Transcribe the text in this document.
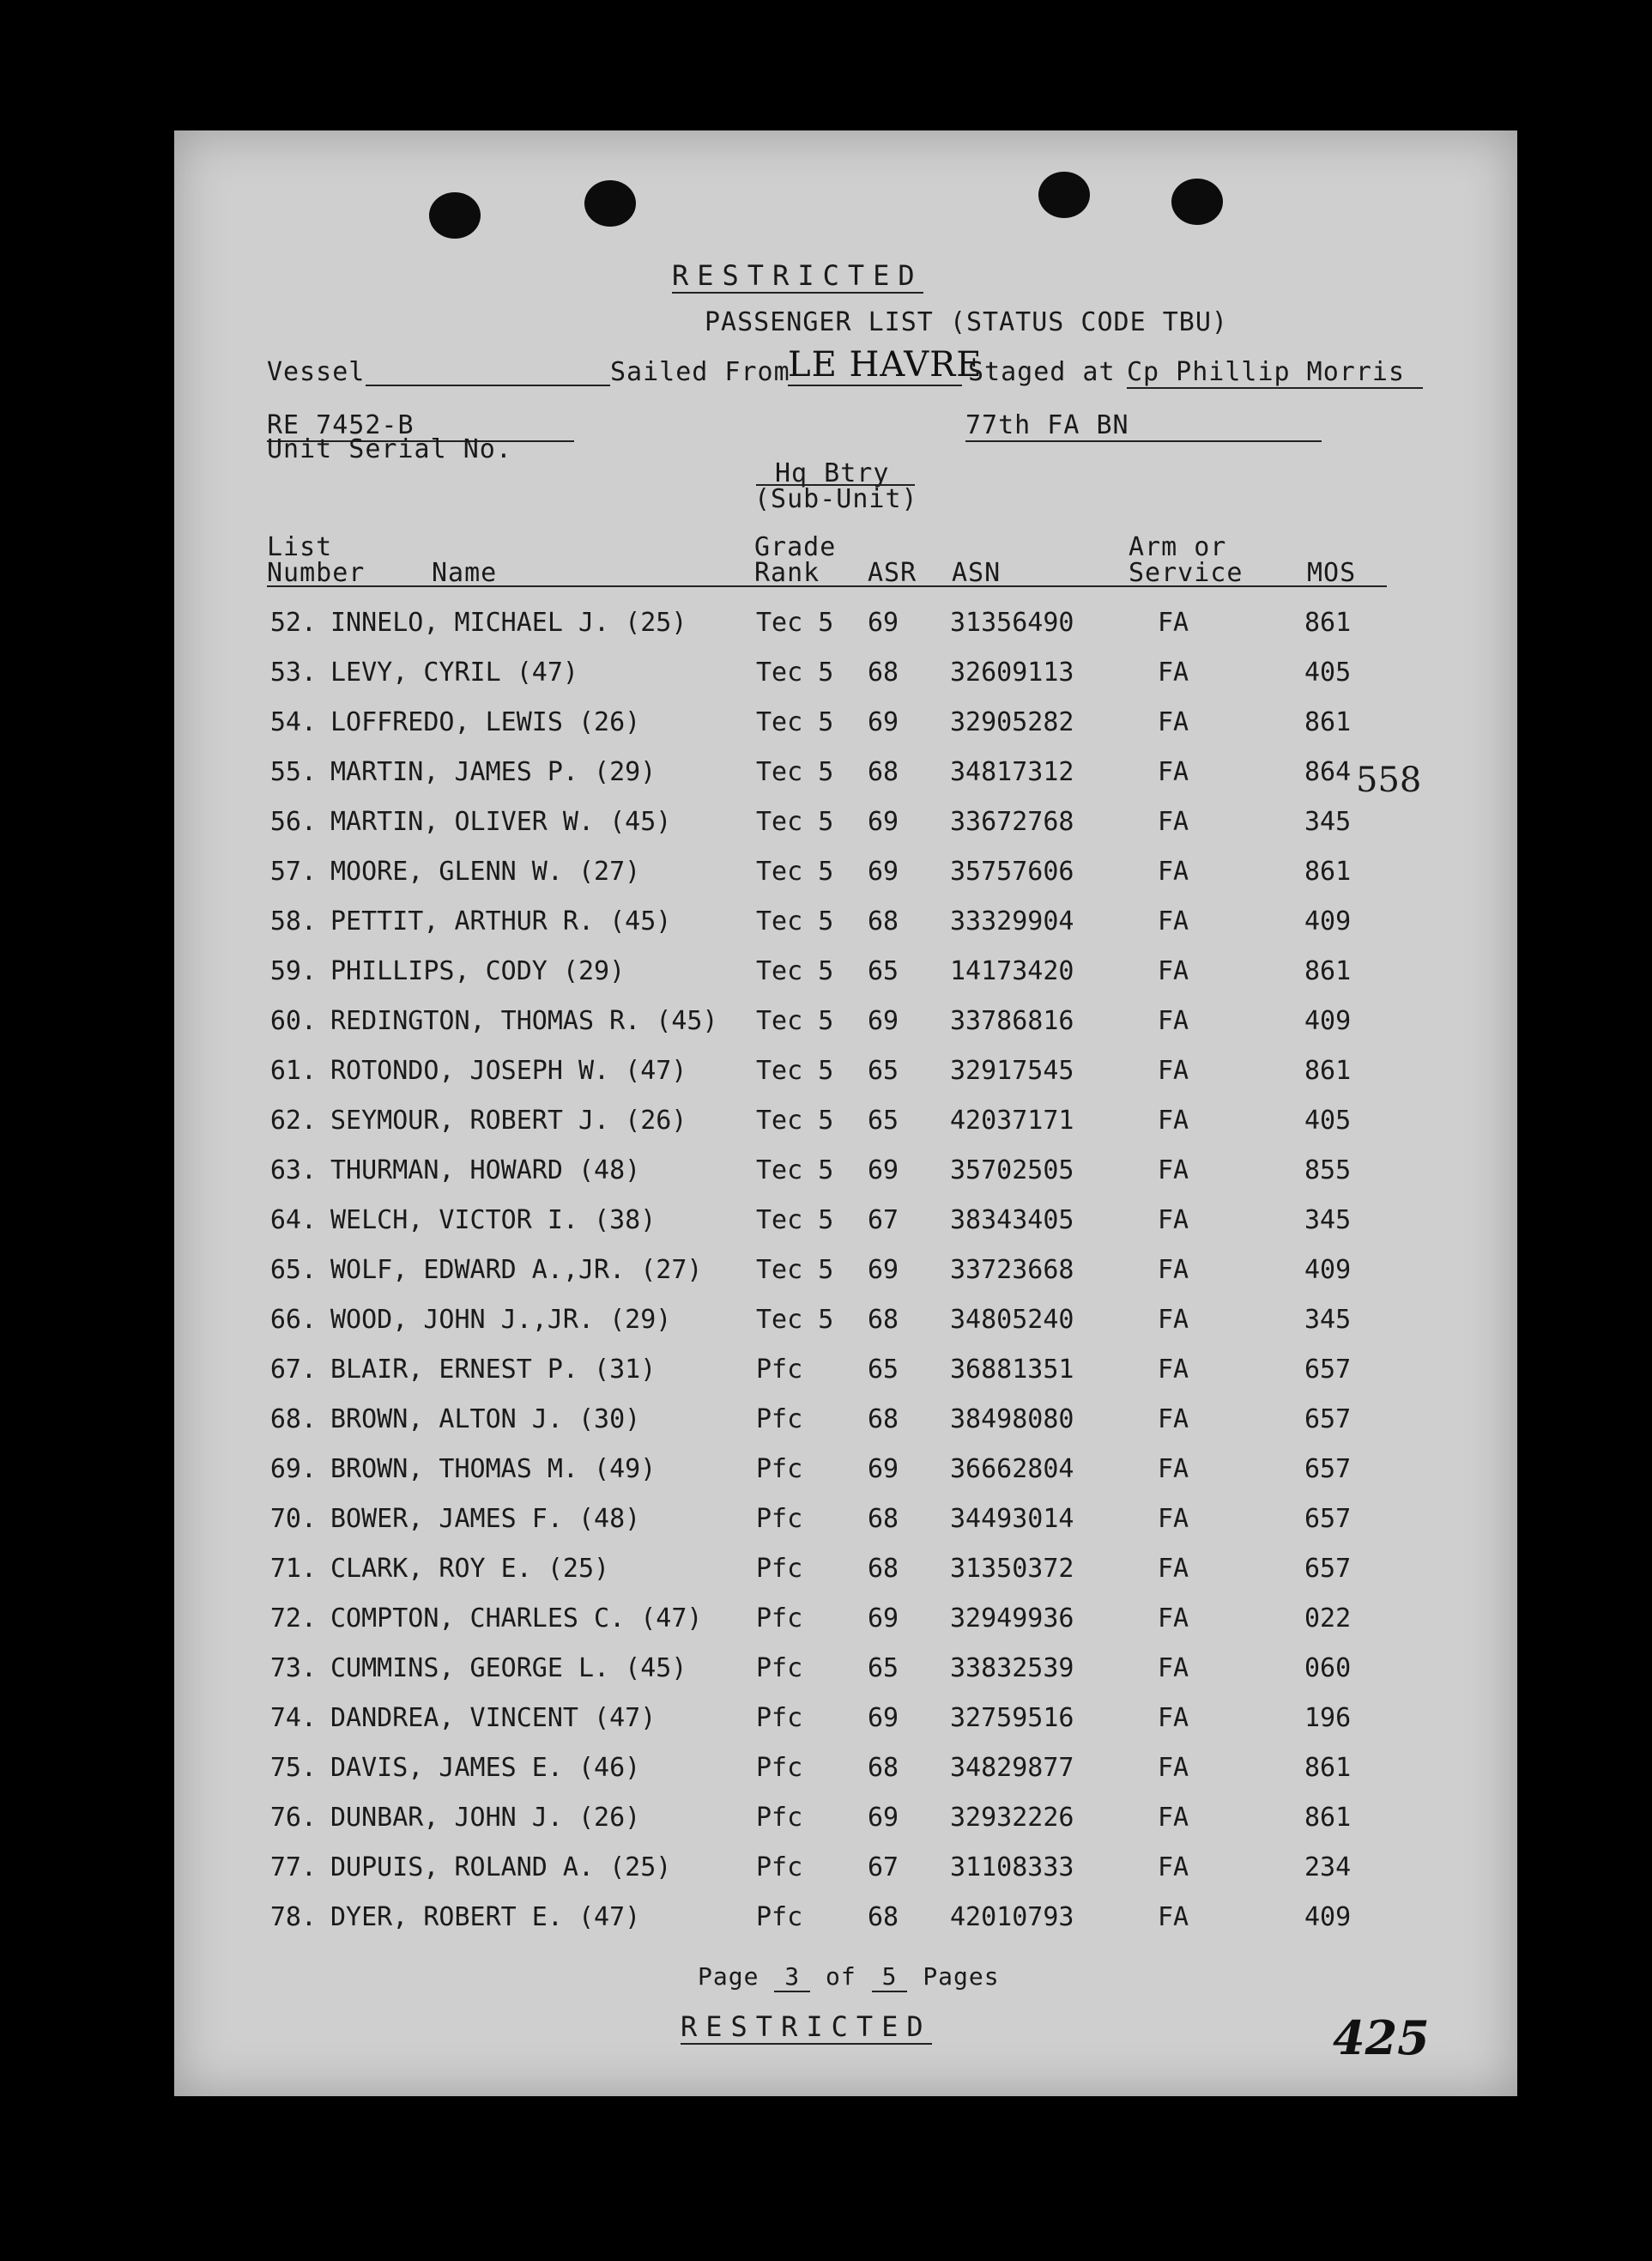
RESTRICTED
PASSENGER LIST (STATUS CODE TBU)
Vessel	Sailed From
LE HAVRE
Staged at Cp Phillip Morris
RE 7452-B
Unit Serial No.
77th FA BN
Hq Btry
(Sub-Unit)
List
Number	Name
Grade
Rank ASR ASN
Arm or
Service MOS
52. INNELO, MICHAEL J. (25)	Tec 5 69 31356490	FA	861
53. LEVY, CYRIL (47)	Tec 5 68 32609113	FA	405
54. LOFFREDO, LEWIS (26)	Tec 5 69 32905282	FA	861
55. MARTIN, JAMES P. (29)	Tec 5 68 34817312	FA	864 558
56. MARTIN, OLIVER W. (45)	Tec 5 69 33672768	FA	345
57. MOORE, GLENN W. (27)	Tec 5 69 35757606	FA	861
58. PETTIT, ARTHUR R. (45)	Tec 5 68 33329904	FA	409
59. PHILLIPS, CODY (29)	Tec 5 65 14173420	FA	861
60. REDINGTON, THOMAS R. (45) Tec 5 69 33786816	FA	409
61. ROTONDO, JOSEPH W. (47)	Tec 5 65 32917545	FA	861
62. SEYMOUR, ROBERT J. (26)	Tec 5 65 42037171	FA	405
63. THURMAN, HOWARD (48)	Tec 5 69 35702505	FA	855
64. WELCH, VICTOR I. (38)	Tec 5 67 38343405	FA	345
65. WOLF, EDWARD A.,JR. (27) Tec 5 69 33723668	FA	409
66. WOOD, JOHN J.,JR. (29)	Tec 5 68 34805240	FA	345
67. BLAIR, ERNEST P. (31)	Pfc	65 36881351	FA	657
68. BROWN, ALTON J. (30)	Pfc	68 38498080	FA	657
69. BROWN, THOMAS M. (49)	Pfc	69 36662804	FA	657
70. BOWER, JAMES F. (48)	Pfc	68 34493014	FA	657
71. CLARK, ROY E. (25)	Pfc	68 31350372	FA	657
72. COMPTON, CHARLES C. (47) Pfc	69 32949936	FA	022
73. CUMMINS, GEORGE L. (45)	Pfc	65 33832539	FA	060
74. DANDREA, VINCENT (47)	Pfc	69 32759516	FA	196
75. DAVIS, JAMES E. (46)	Pfc	68 34829877	FA	861
76. DUNBAR, JOHN J. (26)	Pfc	69 32932226	FA	861
77. DUPUIS, ROLAND A. (25)	Pfc	67 31108333	FA	234
78. DYER, ROBERT E. (47)	Pfc	68 42010793	FA	409
Page 3 of 5 Pages
RESTRICTED	425
